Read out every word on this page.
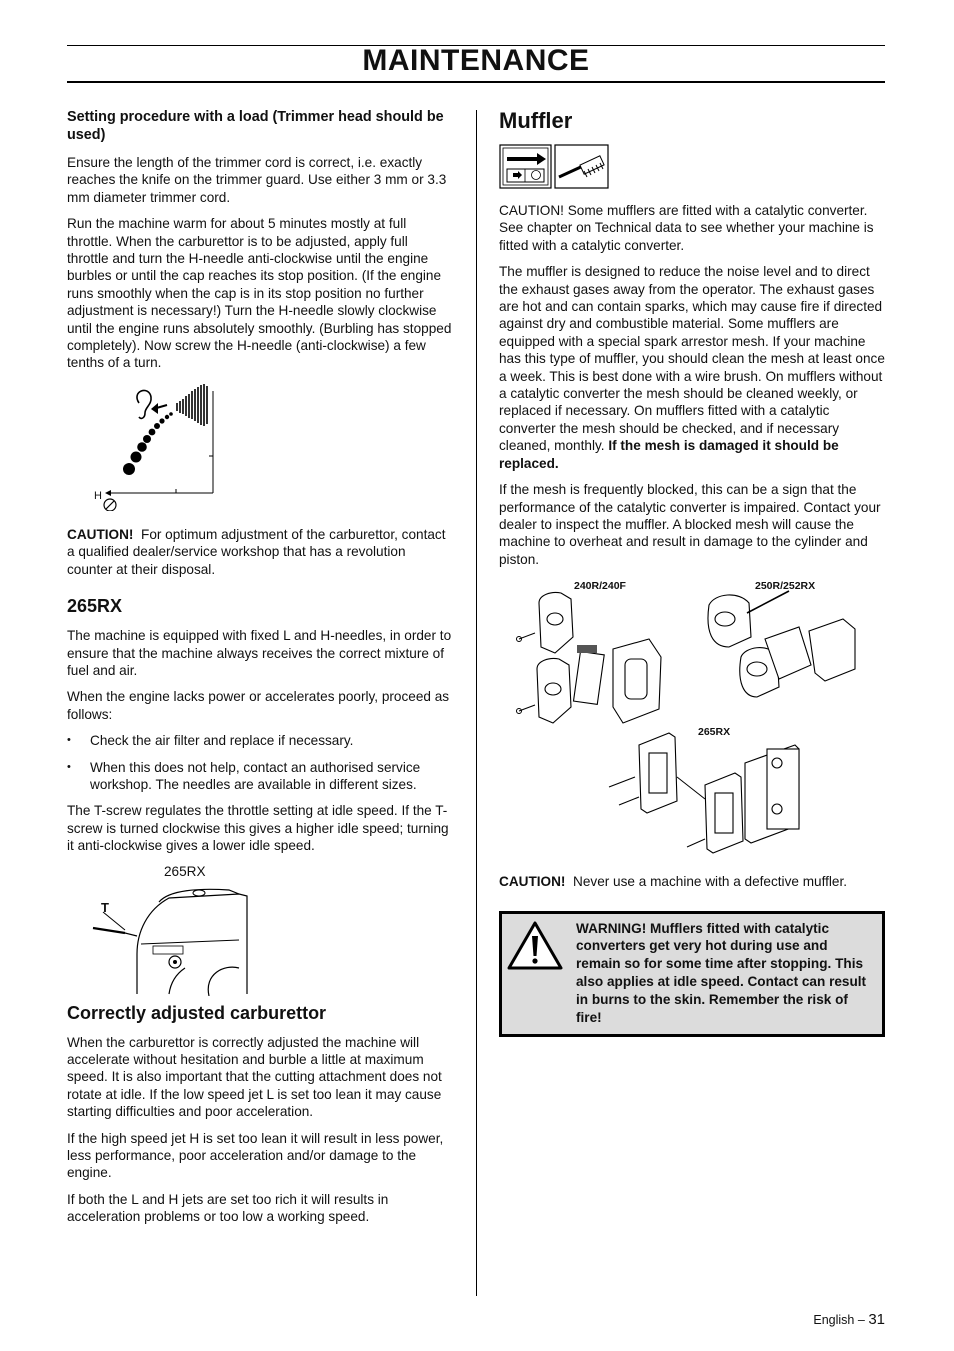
MAINTENANCE
Setting procedure with a load (Trimmer head should be used)

Ensure the length of the trimmer cord is correct, i.e. exactly reaches the knife on the trimmer guard. Use either 3 mm or 3.3 mm diameter trimmer cord.

Run the machine warm for about 5 minutes mostly at full throttle. When the carburettor is to be adjusted, apply full throttle and turn the H-needle anti-clockwise until the engine burbles or until the cap reaches its stop position. (If the engine runs smoothly when the cap is in its stop position no further adjustment is necessary!) Turn the H-needle slowly clockwise until the engine runs absolutely smoothly. (Burbling has stopped completely). Now screw the H-needle (anti-clockwise) a few tenths of a turn.

H

CAUTION! For optimum adjustment of the carburettor, contact a qualified dealer/service workshop that has a revolution counter at their disposal.

265RX

The machine is equipped with fixed L and H-needles, in order to ensure that the machine always receives the correct mixture of fuel and air.

When the engine lacks power or accelerates poorly, proceed as follows:

• Check the air filter and replace if necessary.
• When this does not help, contact an authorised service workshop. The needles are available in different sizes.

The T-screw regulates the throttle setting at idle speed. If the T-screw is turned clockwise this gives a higher idle speed; turning it anti-clockwise gives a lower idle speed.

265RX
T
Correctly adjusted carburettor

When the carburettor is correctly adjusted the machine will accelerate without hesitation and burble a little at maximum speed. It is also important that the cutting attachment does not rotate at idle. If the low speed jet L is set too lean it may cause starting difficulties and poor acceleration.

If the high speed jet H is set too lean it will result in less power, less performance, poor acceleration and/or damage to the engine.

If both the L and H jets are set too rich it will results in acceleration problems or too low a working speed.

Muffler

CAUTION! Some mufflers are fitted with a catalytic converter. See chapter on Technical data to see whether your machine is fitted with a catalytic converter.

The muffler is designed to reduce the noise level and to direct the exhaust gases away from the operator. The exhaust gases are hot and can contain sparks, which may cause fire if directed against dry and combustible material. Some mufflers are equipped with a special spark arrestor mesh. If your machine has this type of muffler, you should clean the mesh at least once a week. This is best done with a wire brush. On mufflers without a catalytic converter the mesh should be cleaned weekly, or replaced if necessary. On mufflers fitted with a catalytic converter the mesh should be checked, and if necessary cleaned, monthly. If the mesh is damaged it should be replaced.

If the mesh is frequently blocked, this can be a sign that the performance of the catalytic converter is impaired. Contact your dealer to inspect the muffler. A blocked mesh will cause the machine to overheat and result in damage to the cylinder and piston.

240R/240F	250R/252RX
265RX

CAUTION! Never use a machine with a defective muffler.

WARNING! Mufflers fitted with catalytic converters get very hot during use and remain so for some time after stopping. This also applies at idle speed. Contact can result in burns to the skin. Remember the risk of fire!

English – 31
